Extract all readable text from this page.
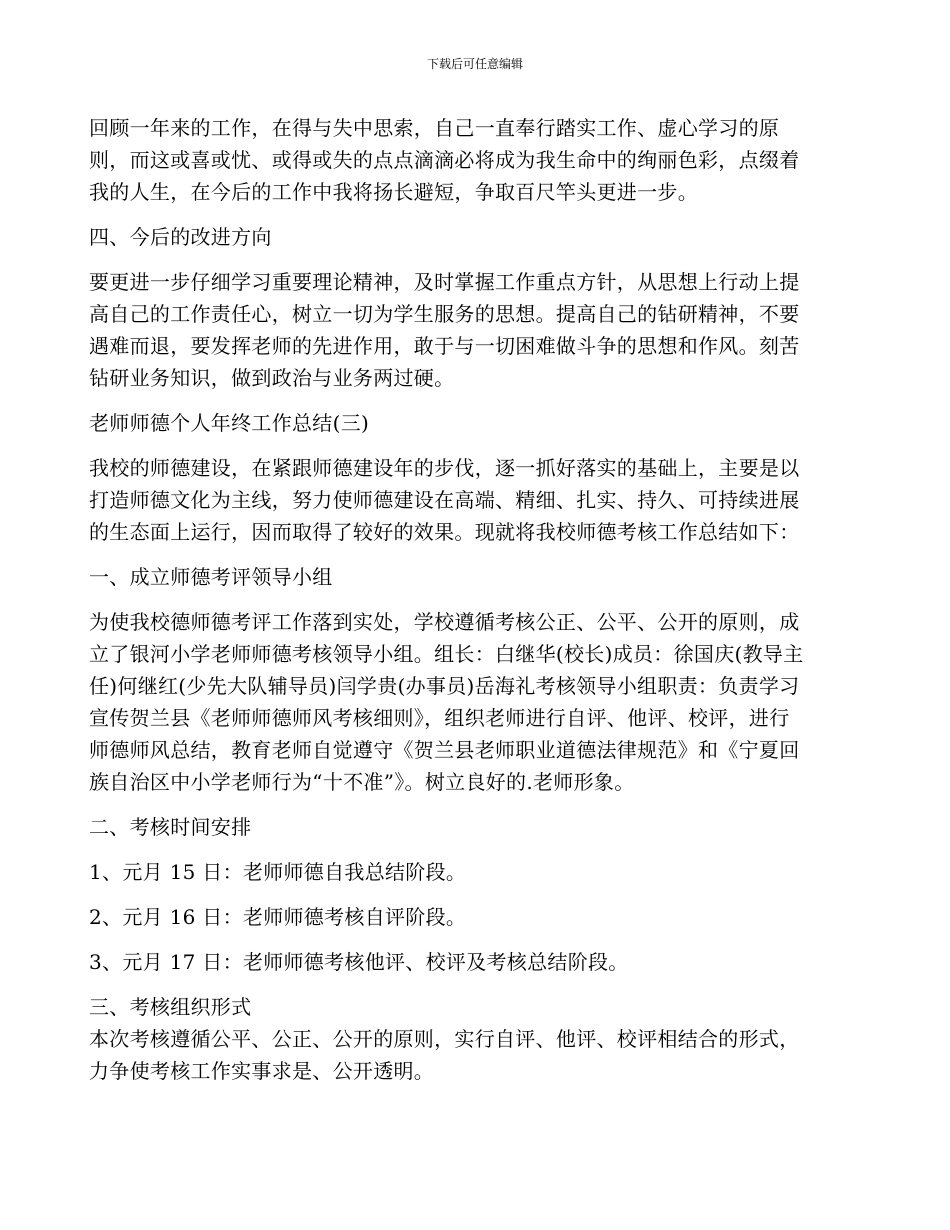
下载后可任意编辑

回顾一年来的工作，在得与失中思索，自己一直奉行踏实工作、虚心学习的原
则，而这或喜或忧、或得或失的点点滴滴必将成为我生命中的绚丽色彩，点缀着
我的人生，在今后的工作中我将扬长避短，争取百尺竿头更进一步。

四、今后的改进方向

要更进一步仔细学习重要理论精神，及时掌握工作重点方针，从思想上行动上提
高自己的工作责任心，树立一切为学生服务的思想。提高自己的钻研精神，不要
遇难而退，要发挥老师的先进作用，敢于与一切困难做斗争的思想和作风。刻苦
钻研业务知识，做到政治与业务两过硬。

老师师德个人年终工作总结(三)

我校的师德建设，在紧跟师德建设年的步伐，逐一抓好落实的基础上，主要是以
打造师德文化为主线，努力使师德建设在高端、精细、扎实、持久、可持续进展
的生态面上运行，因而取得了较好的效果。现就将我校师德考核工作总结如下：

一、成立师德考评领导小组

为使我校德师德考评工作落到实处，学校遵循考核公正、公平、公开的原则，成
立了银河小学老师师德考核领导小组。组长：白继华(校长)成员：徐国庆(教导主
任)何继红(少先大队辅导员)闫学贵(办事员)岳海礼考核领导小组职责：负责学习
宣传贺兰县《老师师德师风考核细则》，组织老师进行自评、他评、校评，进行
师德师风总结，教育老师自觉遵守《贺兰县老师职业道德法律规范》和《宁夏回
族自治区中小学老师行为“十不准”》。树立良好的.老师形象。

二、考核时间安排

1、元月 15 日：老师师德自我总结阶段。

2、元月 16 日：老师师德考核自评阶段。

3、元月 17 日：老师师德考核他评、校评及考核总结阶段。

三、考核组织形式

本次考核遵循公平、公正、公开的原则，实行自评、他评、校评相结合的形式，
力争使考核工作实事求是、公开透明。
